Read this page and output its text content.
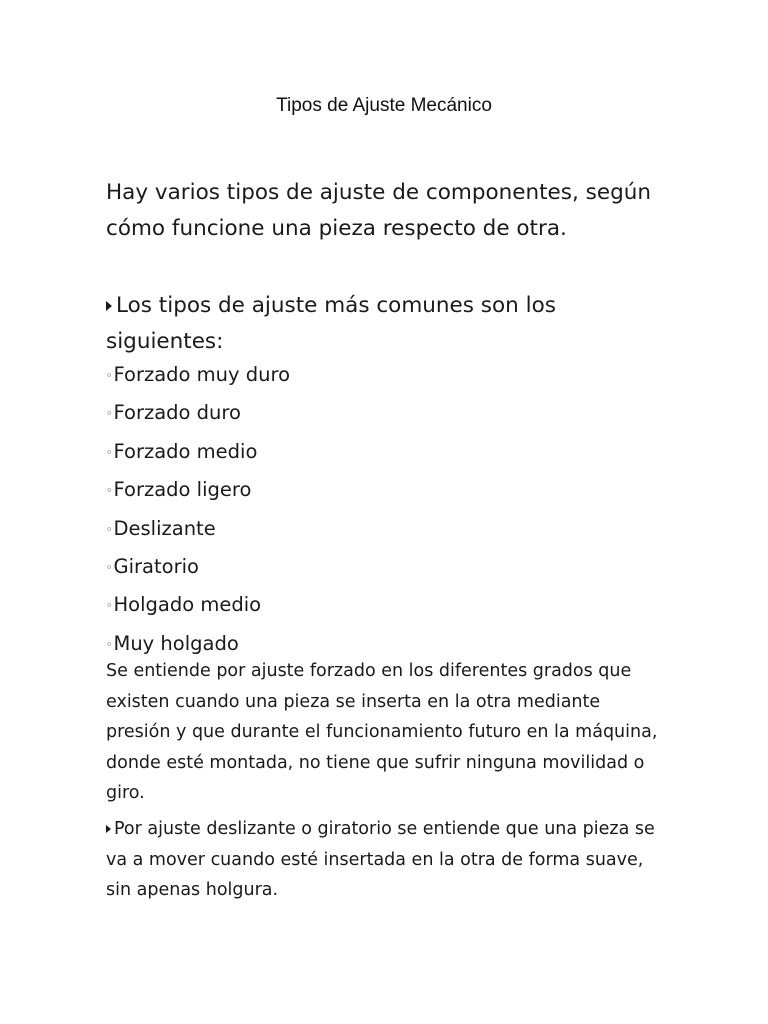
Tipos de Ajuste Mecánico
Hay varios tipos de ajuste de componentes, según cómo funcione una pieza respecto de otra.
Los tipos de ajuste más comunes son los siguientes:
◦Forzado muy duro
◦Forzado duro
◦Forzado medio
◦Forzado ligero
◦Deslizante
◦Giratorio
◦Holgado medio
◦Muy holgado
Se entiende por ajuste forzado en los diferentes grados que existen cuando una pieza se inserta en la otra mediante presión y que durante el funcionamiento futuro en la máquina, donde esté montada, no tiene que sufrir ninguna movilidad o giro.
Por ajuste deslizante o giratorio se entiende que una pieza se va a mover cuando esté insertada en la otra de forma suave, sin apenas holgura.
